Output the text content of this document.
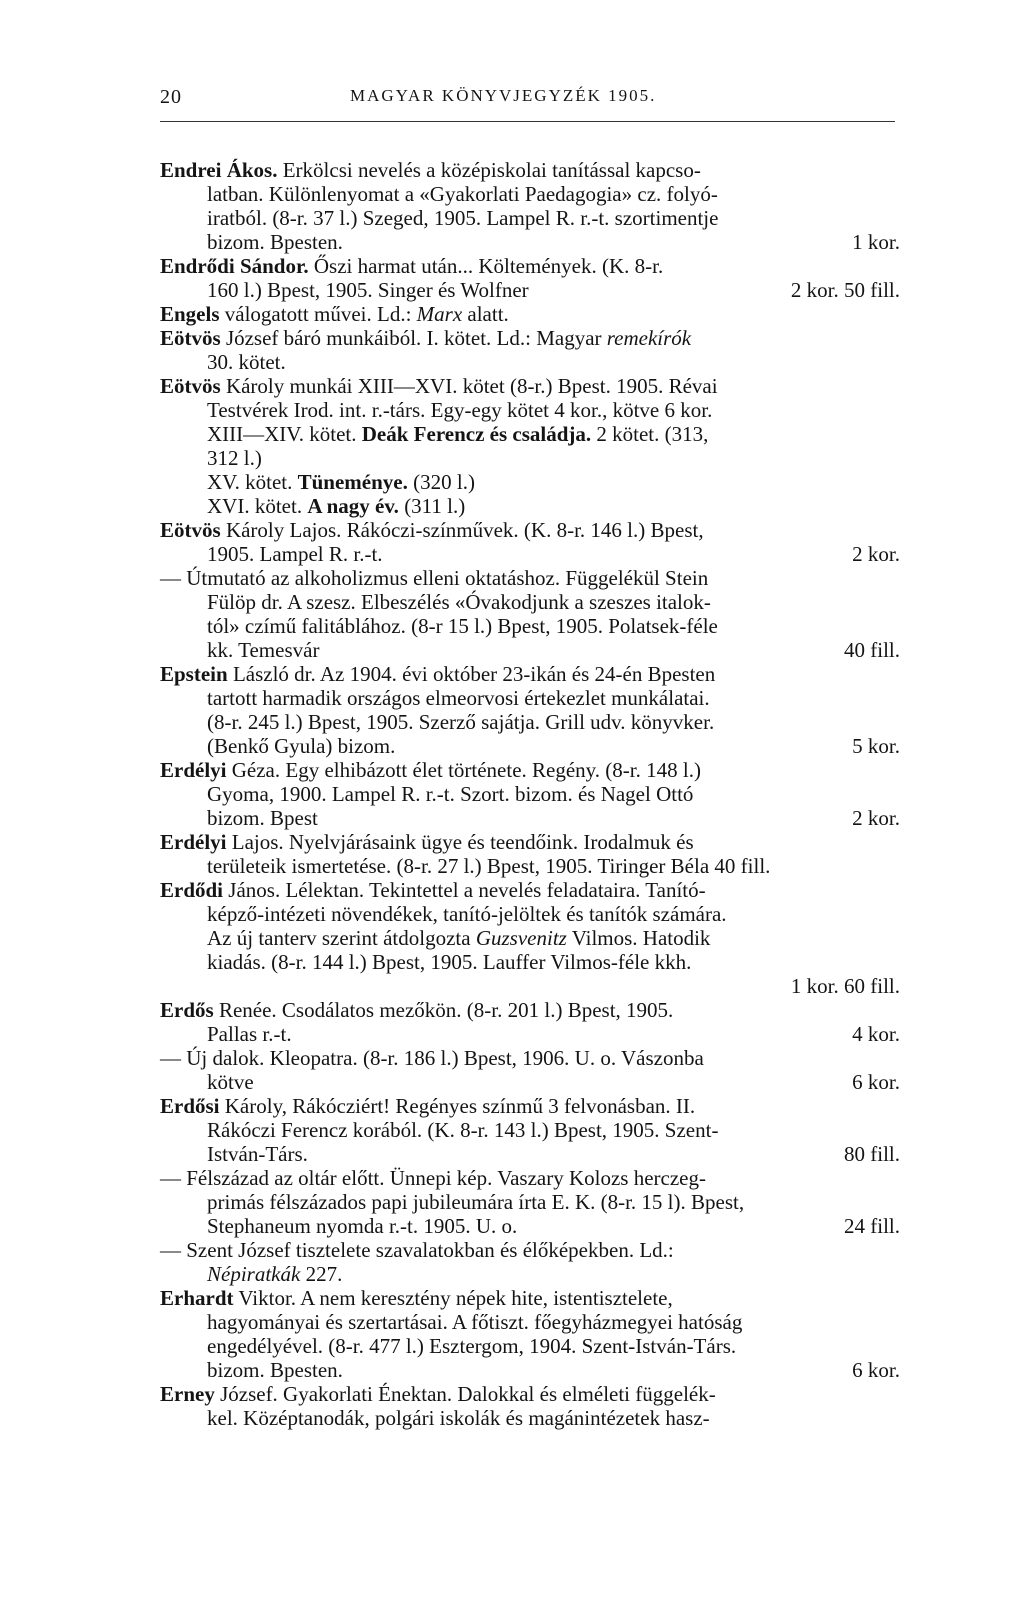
20	MAGYAR KÖNYVJEGYZÉK 1905.
Endrei Ákos. Erkölcsi nevelés a középiskolai tanítással kapcso-
latban. Különlenyomat a «Gyakorlati Paedagogia» cz. folyó-
iratból. (8-r. 37 l.) Szeged, 1905. Lampel R. r.-t. szortimentje
bizom. Bpesten.	1 kor.
Endrődi Sándor. Őszi harmat után... Költemények. (K. 8-r.
160 l.) Bpest, 1905. Singer és Wolfner	2 kor. 50 fill.
Engels válogatott művei. Ld.: Marx alatt.
Eötvös József báró munkáiból. I. kötet. Ld.: Magyar remekírók
30. kötet.
Eötvös Károly munkái XIII—XVI. kötet (8-r.) Bpest. 1905. Révai
Testvérek Irod. int. r.-társ. Egy-egy kötet 4 kor., kötve 6 kor.
XIII—XIV. kötet. Deák Ferencz és családja. 2 kötet. (313,
312 l.)
XV. kötet. Tüneménye. (320 l.)
XVI. kötet. A nagy év. (311 l.)
Eötvös Károly Lajos. Rákóczi-színművek. (K. 8-r. 146 l.) Bpest,
1905. Lampel R. r.-t.	2 kor.
— Útmutató az alkoholizmus elleni oktatáshoz. Függelékül Stein
Fülöp dr. A szesz. Elbeszélés «Óvakodjunk a szeszes italok-
tól» czímű falitáblához. (8-r 15 l.) Bpest, 1905. Polatsek-féle
kk. Temesvár	40 fill.
Epstein László dr. Az 1904. évi október 23-ikán és 24-én Bpesten
tartott harmadik országos elmeorvosi értekezlet munkálatai.
(8-r. 245 l.) Bpest, 1905. Szerző sajátja. Grill udv. könyvker.
(Benkő Gyula) bizom.	5 kor.
Erdélyi Géza. Egy elhibázott élet története. Regény. (8-r. 148 l.)
Gyoma, 1900. Lampel R. r.-t. Szort. bizom. és Nagel Ottó
bizom. Bpest	2 kor.
Erdélyi Lajos. Nyelvjárásaink ügye és teendőink. Irodalmuk és
területeik ismertetése. (8-r. 27 l.) Bpest, 1905. Tiringer Béla 40 fill.
Erdődi János. Lélektan. Tekintettel a nevelés feladataira. Tanító-
képző-intézeti növendékek, tanító-jelöltek és tanítók számára.
Az új tanterv szerint átdolgozta Guzsvenitz Vilmos. Hatodik
kiadás. (8-r. 144 l.) Bpest, 1905. Lauffer Vilmos-féle kkh.
1 kor. 60 fill.
Erdős Renée. Csodálatos mezőkön. (8-r. 201 l.) Bpest, 1905.
Pallas r.-t.	4 kor.
— Új dalok. Kleopatra. (8-r. 186 l.) Bpest, 1906. U. o. Vászonba
kötve	6 kor.
Erdősi Károly, Rákócziért! Regényes színmű 3 felvonásban. II.
Rákóczi Ferencz korából. (K. 8-r. 143 l.) Bpest, 1905. Szent-
István-Társ.	80 fill.
— Félszázad az oltár előtt. Ünnepi kép. Vaszary Kolozs herczeg-
primás félszázados papi jubileumára írta E. K. (8-r. 15 l). Bpest,
Stephaneum nyomda r.-t. 1905. U. o.	24 fill.
— Szent József tisztelete szavalatokban és élőképekben. Ld.:
Népiratkák 227.
Erhardt Viktor. A nem keresztény népek hite, istentisztelete,
hagyományai és szertartásai. A főtiszt. főegyházmegyei hatóság
engedélyével. (8-r. 477 l.) Esztergom, 1904. Szent-István-Társ.
bizom. Bpesten.	6 kor.
Erney József. Gyakorlati Énektan. Dalokkal és elméleti függelék-
kel. Középtanodák, polgári iskolák és magánintézetek hasz-
